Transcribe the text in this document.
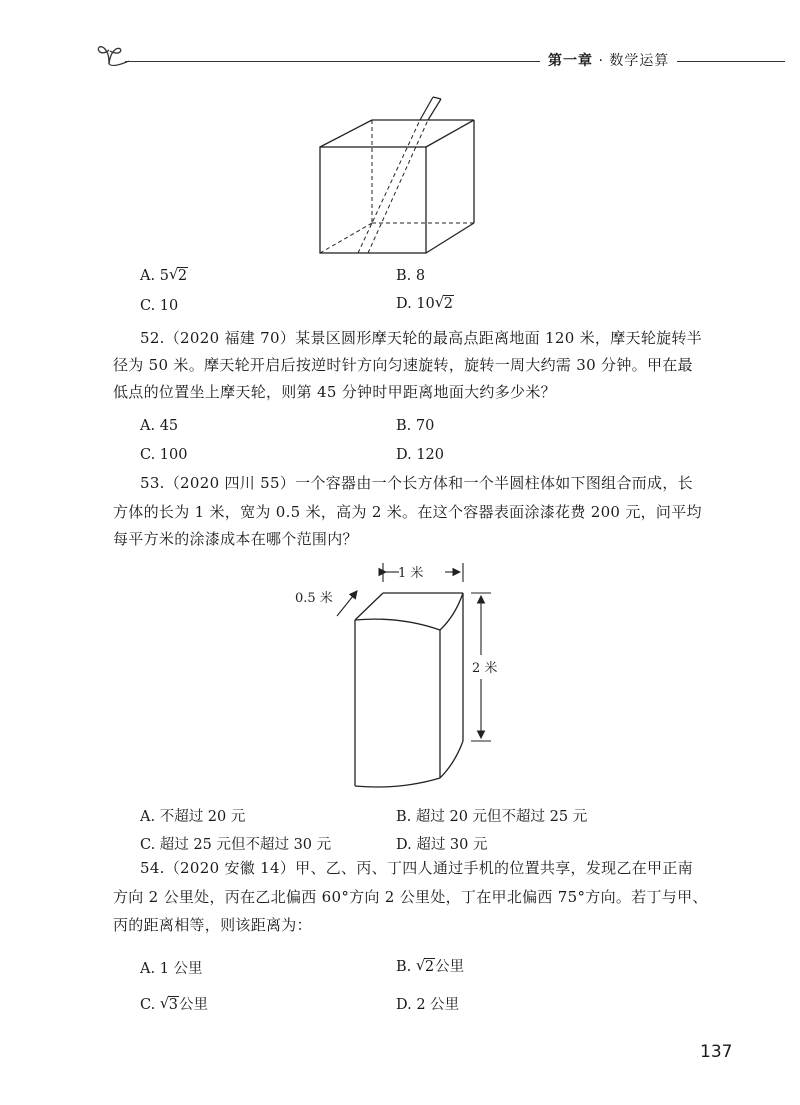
第一章 · 数学运算
A. 5 √ 2	B. 8
C. 10	D. 10 √ 2
52.（2020 福建 70）某景区圆形摩天轮的最高点距离地面 120 米，摩天轮旋转半
径为 50 米。摩天轮开启后按逆时针方向匀速旋转，旋转一周大约需 30 分钟。甲在最
低点的位置坐上摩天轮，则第 45 分钟时甲距离地面大约多少米？
A. 45	B. 70
C. 100	D. 120
53.（2020 四川 55）一个容器由一个长方体和一个半圆柱体如下图组合而成，长
方体的长为 1 米，宽为 0.5 米，高为 2 米。在这个容器表面涂漆花费 200 元，问平均
每平方米的涂漆成本在哪个范围内？
1 米
2 米
0.5 米
A. 不超过 20 元	B. 超过 20 元但不超过 25 元
C. 超过 25 元但不超过 30 元	D. 超过 30 元
54.（2020 安徽 14）甲、乙、丙、丁四人通过手机的位置共享，发现乙在甲正南
方向 2 公里处，丙在乙北偏西 60°方向 2 公里处，丁在甲北偏西 75°方向。若丁与甲、
丙的距离相等，则该距离为：
A. 1 公里	B. √ 2公里
C. √ 3公里	D. 2 公里
137
